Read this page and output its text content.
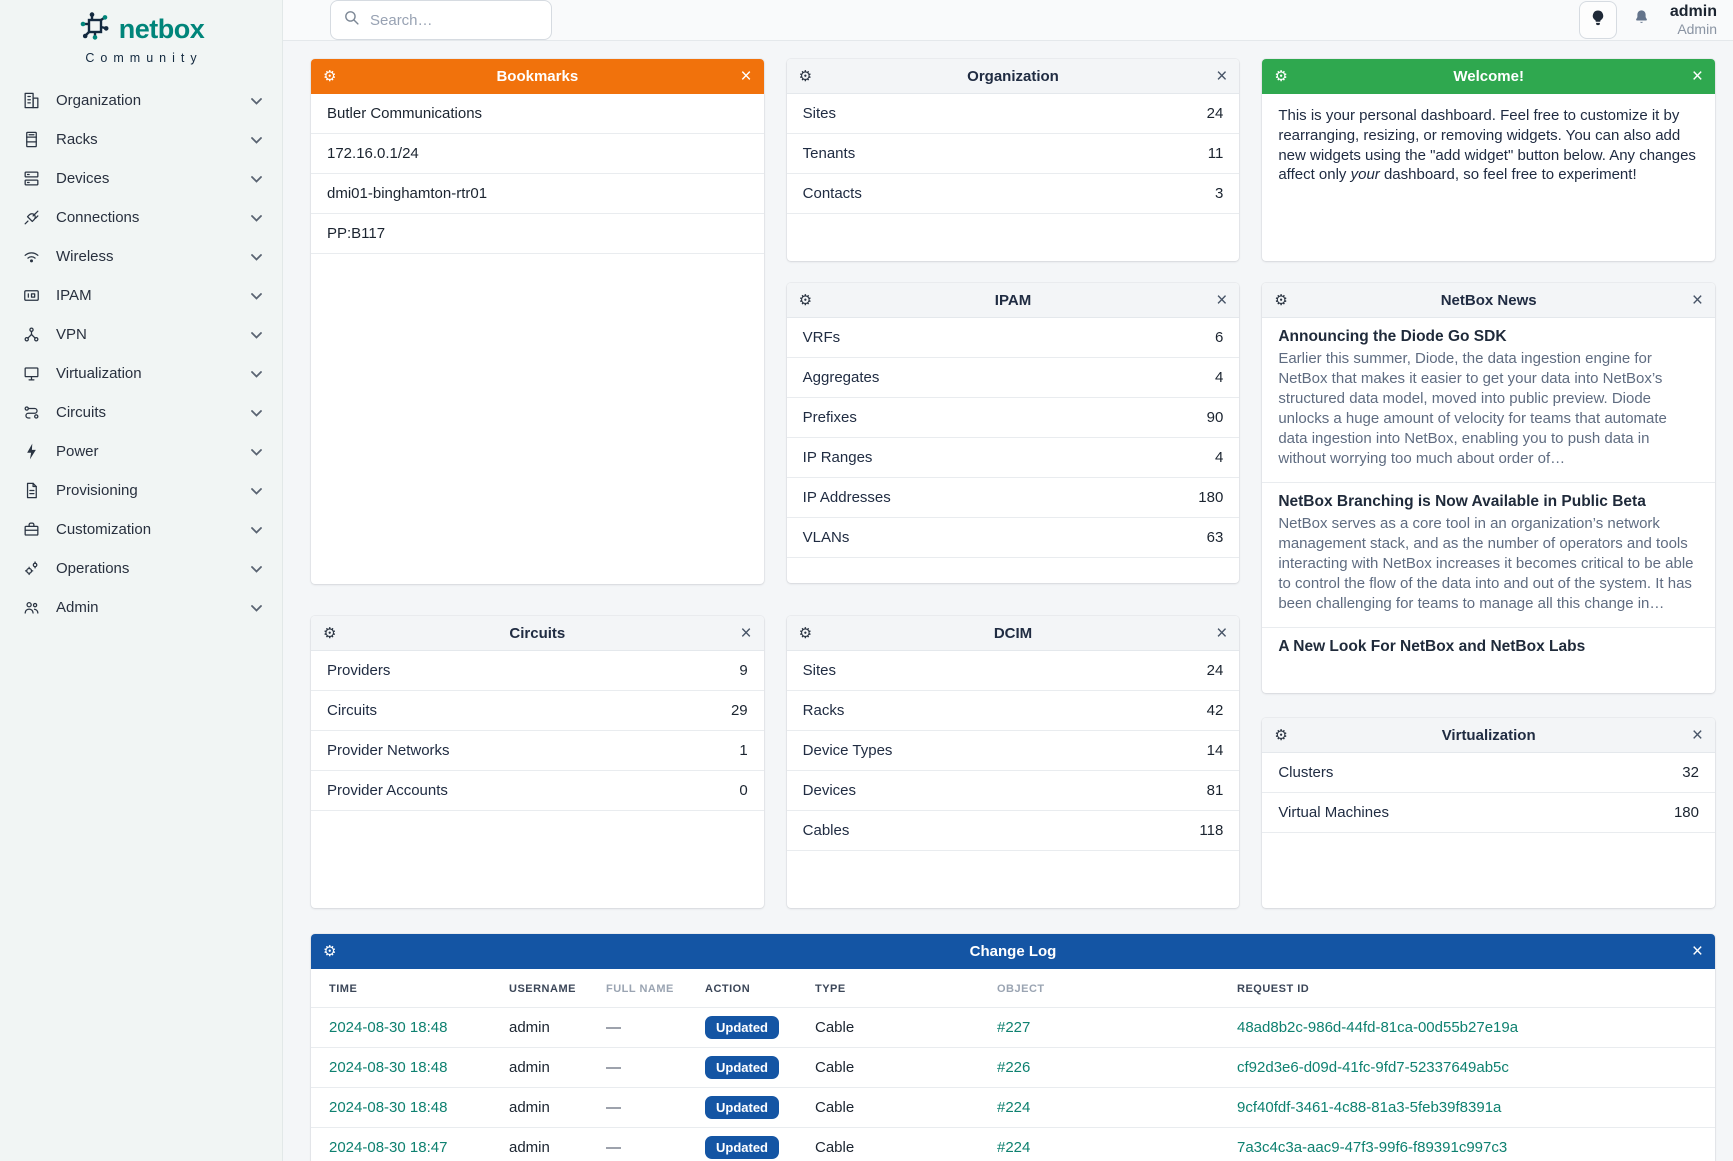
netbox
Community
Organization
Racks
Devices
Connections
Wireless
IPAM
VPN
Virtualization
Circuits
Power
Provisioning
Customization
Operations
Admin
Search…
admin
Admin
⚙	Bookmarks	×
Butler Communications
172.16.0.1/24
dmi01-binghamton-rtr01
PP:B117
⚙	Circuits	×
Providers	9
Circuits	29
Provider Networks	1
Provider Accounts	0
⚙	Organization	×
Sites	24
Tenants	11
Contacts	3
⚙	IPAM	×
VRFs	6
Aggregates	4
Prefixes	90
IP Ranges	4
IP Addresses	180
VLANs	63
⚙	DCIM	×
Sites	24
Racks	42
Device Types	14
Devices	81
Cables	118
⚙	Welcome!	×
This is your personal dashboard. Feel free to customize it by rearranging, resizing, or removing widgets. You can also add new widgets using the "add widget" button below. Any changes affect only your dashboard, so feel free to experiment!
⚙	NetBox News	×
Announcing the Diode Go SDK
Earlier this summer, Diode, the data ingestion engine for NetBox that makes it easier to get your data into NetBox’s structured data model, moved into public preview. Diode unlocks a huge amount of velocity for teams that automate data ingestion into NetBox, enabling you to push data in without worrying too much about order of…
NetBox Branching is Now Available in Public Beta
NetBox serves as a core tool in an organization’s network management stack, and as the number of operators and tools interacting with NetBox increases it becomes critical to be able to control the flow of the data into and out of the system. It has been challenging for teams to manage all this change in…
A New Look For NetBox and NetBox Labs
⚙	Virtualization	×
Clusters	32
Virtual Machines	180
⚙	Change Log	×
TIME	USERNAME	FULL NAME	ACTION	TYPE	OBJECT	REQUEST ID
2024-08-30 18:48	admin	—	Updated	Cable	#227	48ad8b2c-986d-44fd-81ca-00d55b27e19a
2024-08-30 18:48	admin	—	Updated	Cable	#226	cf92d3e6-d09d-41fc-9fd7-52337649ab5c
2024-08-30 18:48	admin	—	Updated	Cable	#224	9cf40fdf-3461-4c88-81a3-5feb39f8391a
2024-08-30 18:47	admin	—	Updated	Cable	#224	7a3c4c3a-aac9-47f3-99f6-f89391c997c3
